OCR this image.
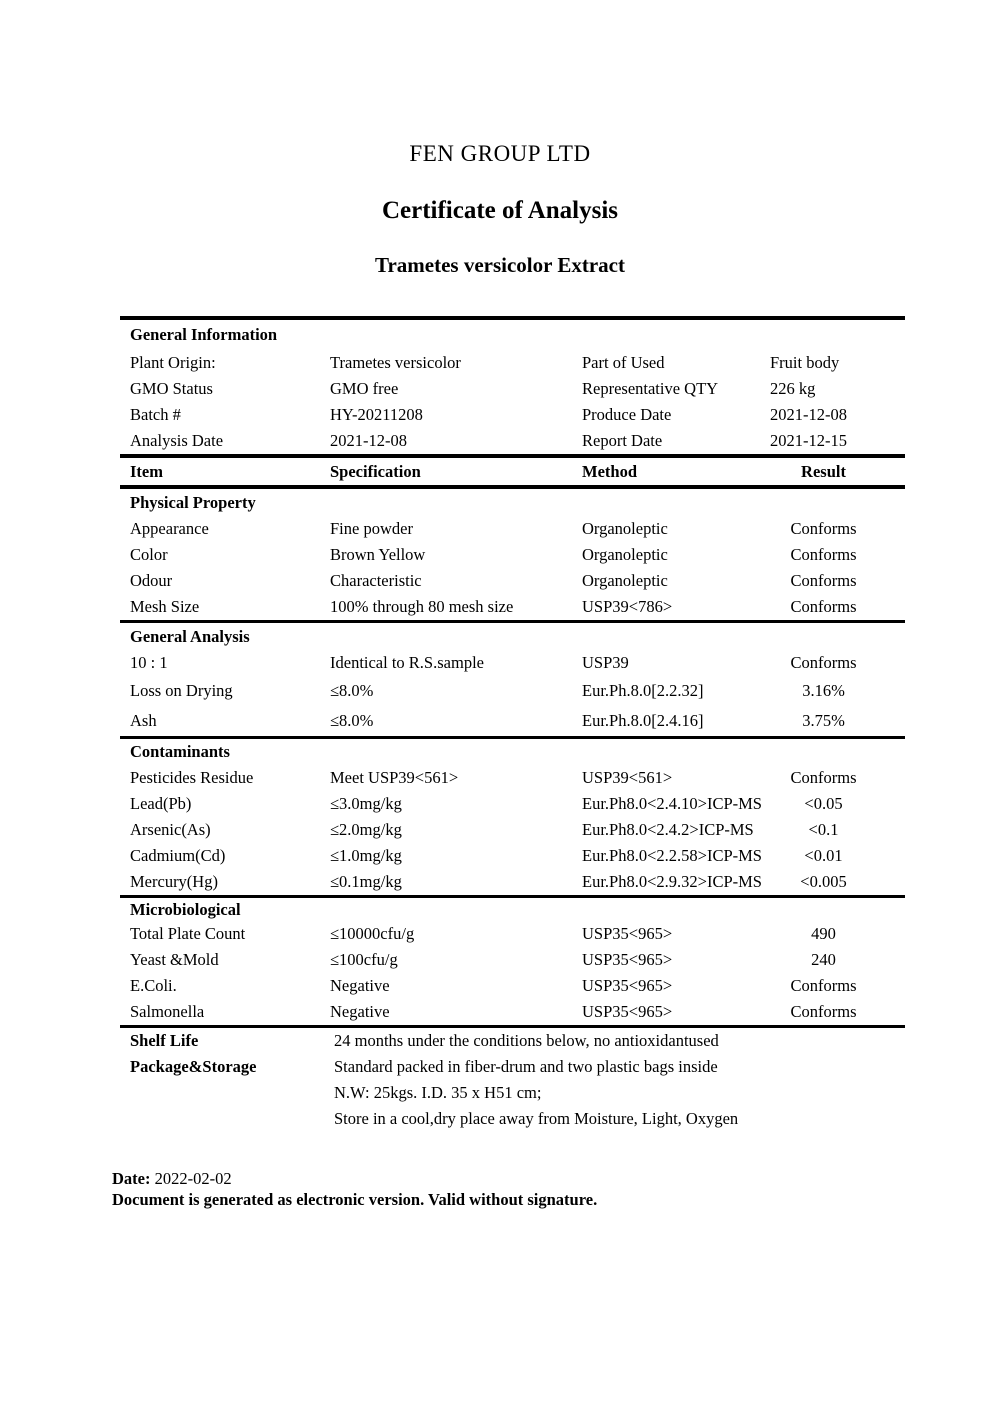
FEN GROUP LTD
Certificate of Analysis
Trametes versicolor Extract
General Information
Plant Origin:	Trametes versicolor	Part of Used	Fruit body
GMO Status	GMO free	Representative QTY	226 kg
Batch #	HY-20211208	Produce Date	2021-12-08
Analysis Date	2021-12-08	Report Date	2021-12-15
Item	Specification	Method	Result
Physical Property
Appearance	Fine powder	Organoleptic	Conforms
Color	Brown Yellow	Organoleptic	Conforms
Odour	Characteristic	Organoleptic	Conforms
Mesh Size	100% through 80 mesh size	USP39<786>	Conforms
General Analysis
10 : 1	Identical to R.S.sample	USP39	Conforms
Loss on Drying	≤8.0%	Eur.Ph.8.0[2.2.32]	3.16%
Ash	≤8.0%	Eur.Ph.8.0[2.4.16]	3.75%
Contaminants
Pesticides Residue	Meet USP39<561>	USP39<561>	Conforms
Lead(Pb)	≤3.0mg/kg	Eur.Ph8.0<2.4.10>ICP-MS	<0.05
Arsenic(As)	≤2.0mg/kg	Eur.Ph8.0<2.4.2>ICP-MS	<0.1
Cadmium(Cd)	≤1.0mg/kg	Eur.Ph8.0<2.2.58>ICP-MS	<0.01
Mercury(Hg)	≤0.1mg/kg	Eur.Ph8.0<2.9.32>ICP-MS	<0.005
Microbiological
Total Plate Count	≤10000cfu/g	USP35<965>	490
Yeast &Mold	≤100cfu/g	USP35<965>	240
E.Coli.	Negative	USP35<965>	Conforms
Salmonella	Negative	USP35<965>	Conforms
Shelf Life	24 months under the conditions below, no antioxidantused
Package&Storage	Standard packed in fiber-drum and two plastic bags inside
N.W: 25kgs. I.D. 35 x H51 cm;
Store in a cool,dry place away from Moisture, Light, Oxygen
Date: 2022-02-02
Document is generated as electronic version. Valid without signature.
